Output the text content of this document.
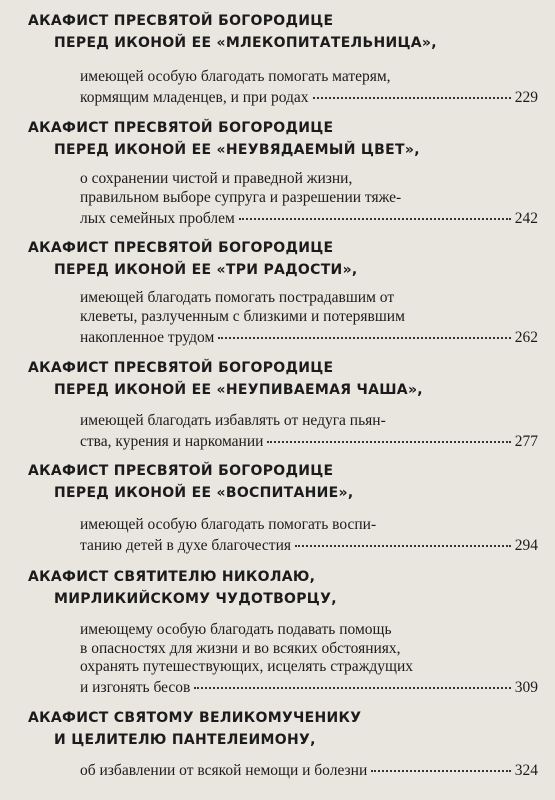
АКАФИСТ ПРЕСВЯТОЙ БОГОРОДИЦЕ
ПЕРЕД ИКОНОЙ ЕЕ «МЛЕКОПИТАТЕЛЬНИЦА»,
имеющей особую благодать помогать матерям,
кормящим младенцев, и при родах	229
АКАФИСТ ПРЕСВЯТОЙ БОГОРОДИЦЕ
ПЕРЕД ИКОНОЙ ЕЕ «НЕУВЯДАЕМЫЙ ЦВЕТ»,
о сохранении чистой и праведной жизни,
правильном выборе супруга и разрешении тяже-
лых семейных проблем	242
АКАФИСТ ПРЕСВЯТОЙ БОГОРОДИЦЕ
ПЕРЕД ИКОНОЙ ЕЕ «ТРИ РАДОСТИ»,
имеющей благодать помогать пострадавшим от
клеветы, разлученным с близкими и потерявшим
накопленное трудом	262
АКАФИСТ ПРЕСВЯТОЙ БОГОРОДИЦЕ
ПЕРЕД ИКОНОЙ ЕЕ «НЕУПИВАЕМАЯ ЧАША»,
имеющей благодать избавлять от недуга пьян-
ства, курения и наркомании	277
АКАФИСТ ПРЕСВЯТОЙ БОГОРОДИЦЕ
ПЕРЕД ИКОНОЙ ЕЕ «ВОСПИТАНИЕ»,
имеющей особую благодать помогать воспи-
танию детей в духе благочестия	294
АКАФИСТ СВЯТИТЕЛЮ НИКОЛАЮ,
МИРЛИКИЙСКОМУ ЧУДОТВОРЦУ,
имеющему особую благодать подавать помощь
в опасностях для жизни и во всяких обстояниях,
охранять путешествующих, исцелять страждущих
и изгонять бесов	309
АКАФИСТ СВЯТОМУ ВЕЛИКОМУЧЕНИКУ
И ЦЕЛИТЕЛЮ ПАНТЕЛЕИМОНУ,
об избавлении от всякой немощи и болезни	324
